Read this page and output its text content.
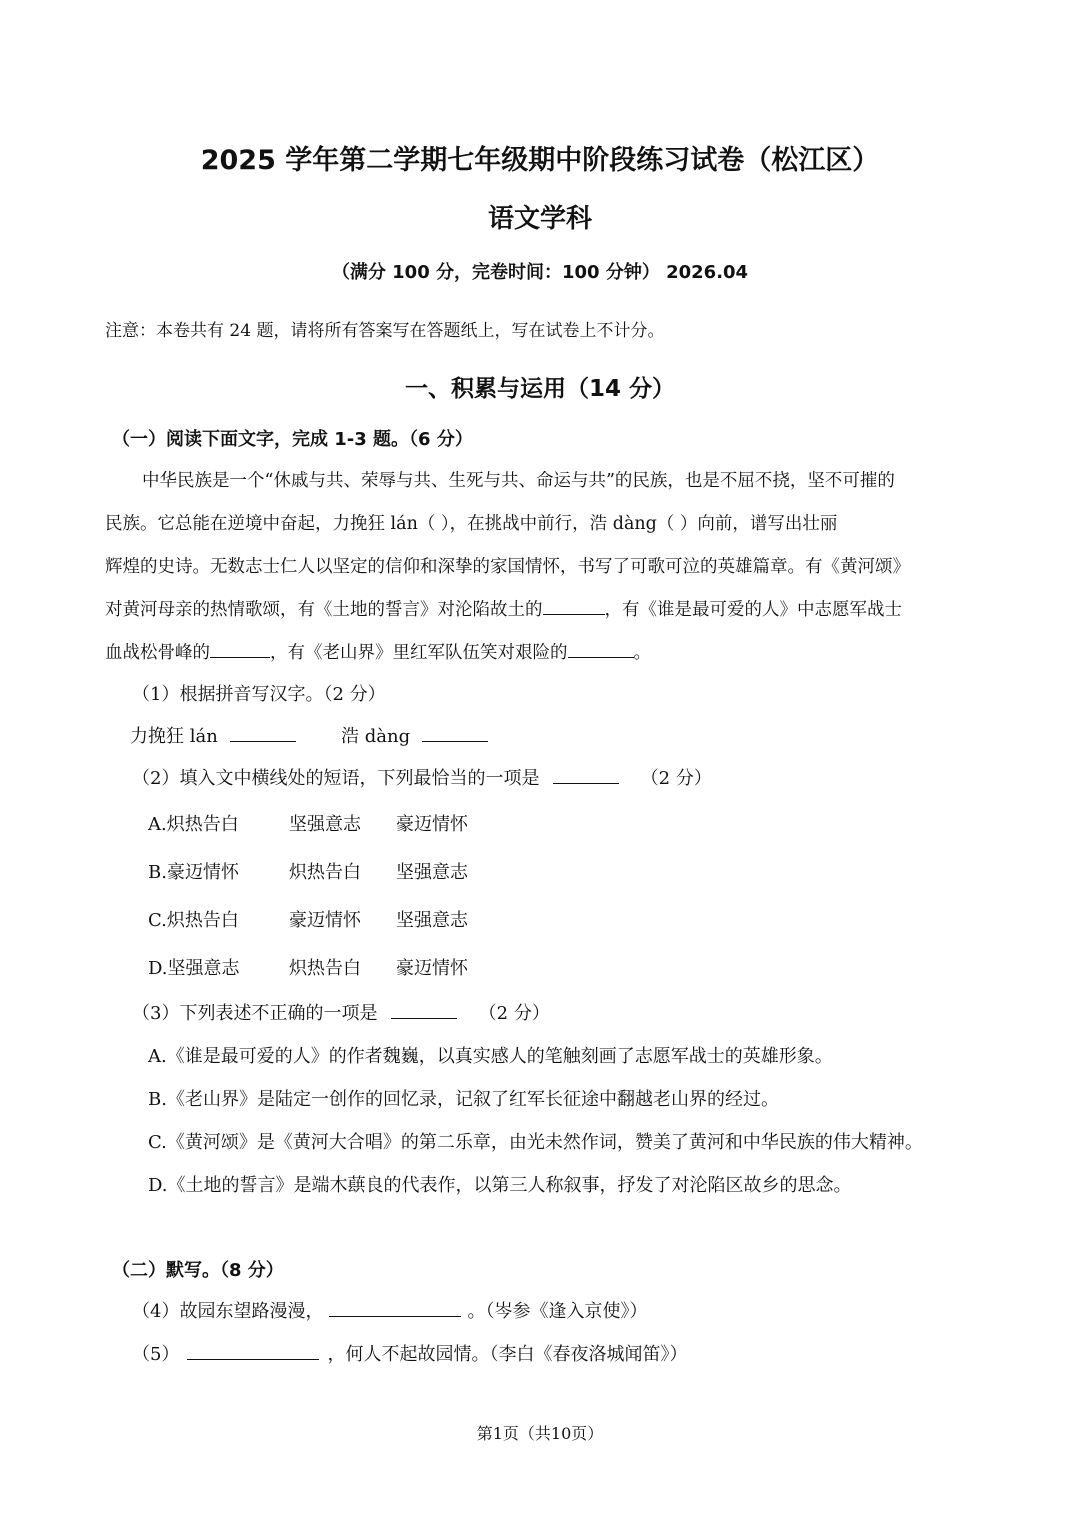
2025 学年第二学期七年级期中阶段练习试卷（松江区）
语文学科
（满分 100 分，完卷时间：100 分钟） 2026.04
注意：本卷共有 24 题，请将所有答案写在答题纸上，写在试卷上不计分。
一、积累与运用（14 分）
（一）阅读下面文字，完成 1-3 题。（6 分）
中华民族是一个“休戚与共、荣辱与共、生死与共、命运与共”的民族，也是不屈不挠，坚不可摧的
民族。它总能在逆境中奋起，力挽狂 lán（ ），在挑战中前行，浩 dàng（ ）向前，谱写出壮丽
辉煌的史诗。无数志士仁人以坚定的信仰和深挚的家国情怀，书写了可歌可泣的英雄篇章。有《黄河颂》
对黄河母亲的热情歌颂，有《土地的誓言》对沦陷故土的	，有《谁是最可爱的人》中志愿军战士
血战松骨峰的	，有《老山界》里红军队伍笑对艰险的	。
（1）根据拼音写汉字。（2 分）
力挽狂 lán	浩 dàng
（2）填入文中横线处的短语，下列最恰当的一项是	（2 分）
A.炽热告白	坚强意志 豪迈情怀
B.豪迈情怀	炽热告白 坚强意志
C.炽热告白	豪迈情怀 坚强意志
D.坚强意志	炽热告白 豪迈情怀
（3）下列表述不正确的一项是	（2 分）
A.《谁是最可爱的人》的作者魏巍，以真实感人的笔触刻画了志愿军战士的英雄形象。
B.《老山界》是陆定一创作的回忆录，记叙了红军长征途中翻越老山界的经过。
C.《黄河颂》是《黄河大合唱》的第二乐章，由光未然作词，赞美了黄河和中华民族的伟大精神。
D.《土地的誓言》是端木蕻良的代表作，以第三人称叙事，抒发了对沦陷区故乡的思念。
（二）默写。（8 分）
（4）故园东望路漫漫，	。（岑参《逢入京使》）
（5）	，何人不起故园情。（李白《春夜洛城闻笛》）
第1页（共10页）
